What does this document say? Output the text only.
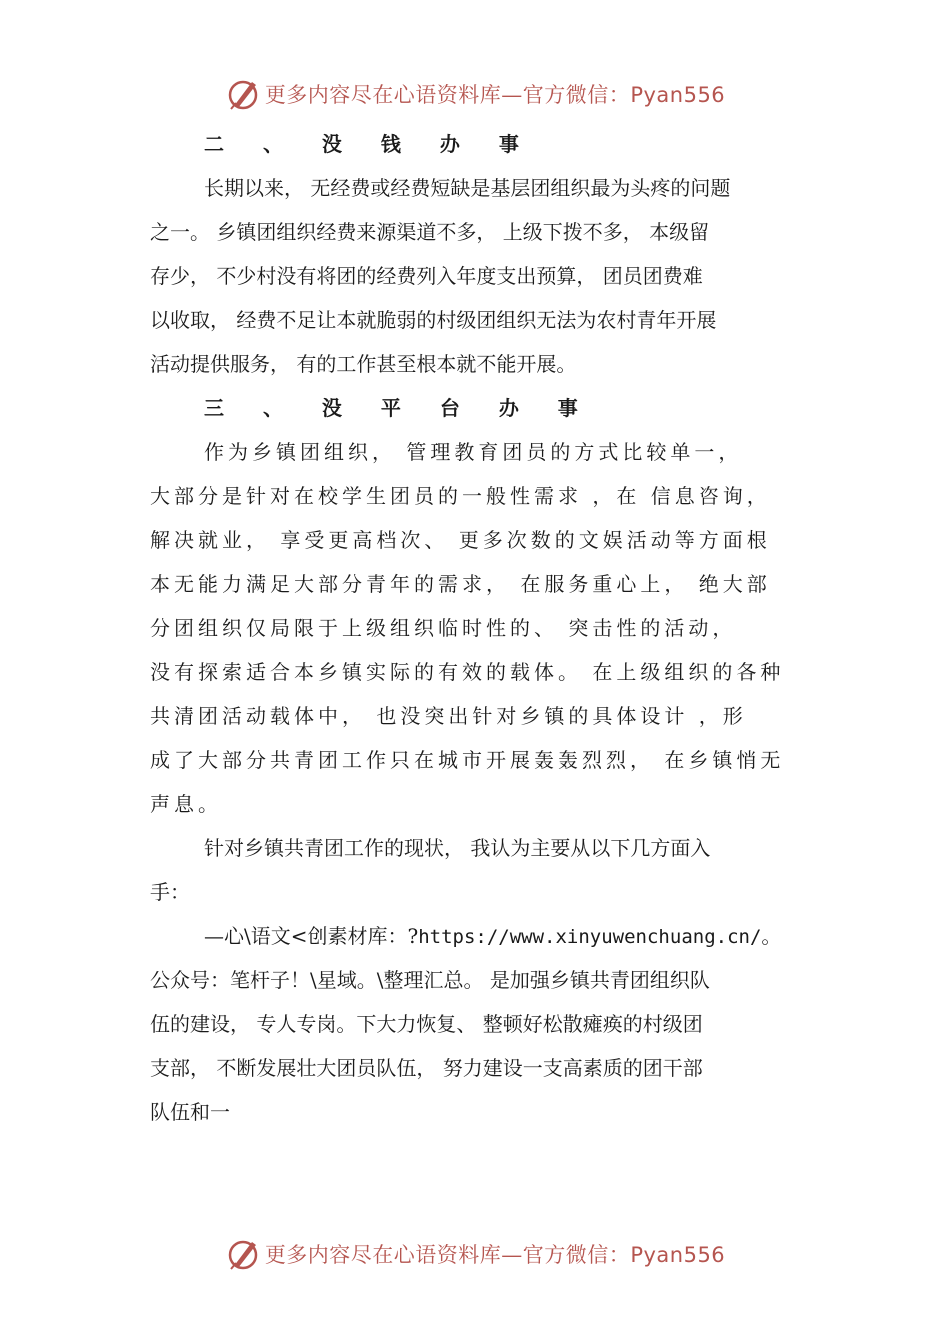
更多内容尽在心语资料库—官方微信：Pyan556
二 、 没 钱 办 事
长期以来， 无经费或经费短缺是基层团组织最为头疼的问题
之一。 乡镇团组织经费来源渠道不多， 上级下拨不多， 本级留
存少， 不少村没有将团的经费列入年度支出预算， 团员团费难
以收取， 经费不足让本就脆弱的村级团组织无法为农村青年开展
活动提供服务， 有的工作甚至根本就不能开展。
三 、 没 平 台 办 事
作为乡镇团组织， 管理教育团员的方式比较单一，
大部分是针对在校学生团员的一般性需求 ，在 信息咨询，
解决就业， 享受更高档次、 更多次数的文娱活动等方面根
本无能力满足大部分青年的需求， 在服务重心上， 绝大部
分团组织仅局限于上级组织临时性的、 突击性的活动，
没有探索适合本乡镇实际的有效的载体。 在上级组织的各种
共清团活动载体中， 也没突出针对乡镇的具体设计 ，形
成了大部分共青团工作只在城市开展轰轰烈烈， 在乡镇悄无
声息。
针对乡镇共青团工作的现状， 我认为主要从以下几方面入
手：
—心\语文<创素材库：?https://www.xinyuwenchuang.cn/。
公众号：笔杆子！\星域。\整理汇总。 是加强乡镇共青团组织队
伍的建设， 专人专岗。下大力恢复、 整顿好松散瘫痪的村级团
支部， 不断发展壮大团员队伍， 努力建设一支高素质的团干部
队伍和一
更多内容尽在心语资料库—官方微信：Pyan556
